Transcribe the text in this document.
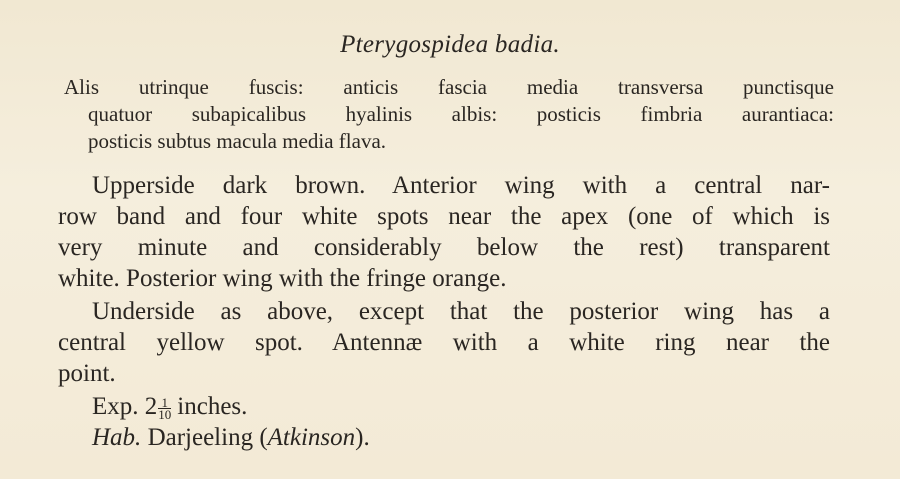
Pterygospidea badia.
Alis utrinque fuscis: anticis fascia media transversa punctisque
quatuor subapicalibus hyalinis albis: posticis fimbria aurantiaca:
posticis subtus macula media flava.

Upperside dark brown. Anterior wing with a central nar-
row band and four white spots near the apex (one of which is
very minute and considerably below the rest) transparent
white. Posterior wing with the fringe orange.

Underside as above, except that the posterior wing has a
central yellow spot. Antennæ with a white ring near the
point.

Exp. $2 \frac{1}{10}$ inches.
Hab. Darjeeling (Atkinson).
